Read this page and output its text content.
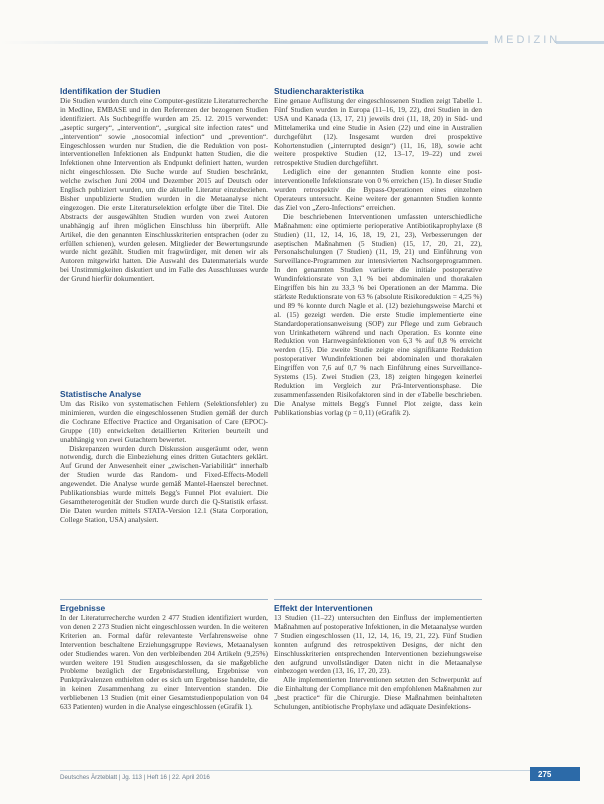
MEDIZIN
Identifikation der Studien

Die Studien wurden durch eine Computer-gestützte Literaturrecherche in Medline, EMBASE und in den Referenzen der bezogenen Studien identifiziert. Als Suchbegriffe wurden am 25. 12. 2015 verwendet: „aseptic surgery“, „intervention“, „surgical site infection rates“ und „intervention“ sowie „nosocomial infection“ und „prevention“. Eingeschlossen wurden nur Studien, die die Reduktion von post-interventionellen Infektionen als Endpunkt hatten Studien, die die Infektionen ohne Intervention als Endpunkt definiert hatten, wurden nicht eingeschlossen. Die Suche wurde auf Studien beschränkt, welche zwischen Juni 2004 und Dezember 2015 auf Deutsch oder Englisch publiziert wurden, um die aktuelle Literatur einzubeziehen. Bisher unpublizierte Studien wurden in die Metaanalyse nicht eingezogen. Die erste Literaturselektion erfolgte über die Titel. Die Abstracts der ausgewählten Studien wurden von zwei Autoren unabhängig auf ihren möglichen Einschluss hin überprüft. Alle Artikel, die den genannten Einschlusskriterien entsprachen (oder zu erfüllen schienen), wurden gelesen. Mitglieder der Bewertungsrunde wurde nicht gezählt. Studien mit fragwürdiger, mit denen wir als Autoren mitgewirkt hatten. Die Auswahl des Datenmaterials wurde bei Unstimmigkeiten diskutiert und im Falle des Ausschlusses wurde der Grund hierfür dokumentiert.

Statistische Analyse

Um das Risiko von systematischen Fehlern (Selektionsfehler) zu minimieren, wurden die eingeschlossenen Studien gemäß der durch die Cochrane Effective Practice and Organisation of Care (EPOC)-Gruppe (10) entwickelten detaillierten Kriterien beurteilt und unabhängig von zwei Gutachtern bewertet.

Diskrepanzen wurden durch Diskussion ausgeräumt oder, wenn notwendig, durch die Einbeziehung eines dritten Gutachters geklärt. Auf Grund der Anwesenheit einer „zwischen-Variabilität“ innerhalb der Studien wurde das Random- und Fixed-Effects-Modell angewendet. Die Analyse wurde gemäß Mantel-Haenszel berechnet. Publikationsbias wurde mittels Begg's Funnel Plot evaluiert. Die Gesamtheterogenität der Studien wurde durch die Q-Statistik erfasst. Die Daten wurden mittels STATA-Version 12.1 (Stata Corporation, College Station, USA) analysiert.

Ergebnisse

In der Literaturrecherche wurden 2 477 Studien identifiziert wurden, von denen 2 273 Studien nicht eingeschlossen wurden. In die weiteren Kriterien an. Formal dafür relevanteste Verfahrensweise ohne Intervention beschaltene Erziehungsgruppe Reviews, Metaanalysen oder Studiendes waren. Von den verbleibenden 204 Artikeln (9,25%) wurden weitere 191 Studien ausgeschlossen, da sie maßgebliche Probleme bezüglich der Ergebnisdarstellung, Ergebnisse von Punktprävalenzen enthielten oder es sich um Ergebnisse handelte, die in keinen Zusammenhang zu einer Intervention standen. Die verbliebenen 13 Studien (mit einer Gesamtstudienpopulation von 04 633 Patienten) wurden in die Analyse eingeschlossen (eGrafik 1).

Studiencharakteristika

Eine genaue Auflistung der eingeschlossenen Studien zeigt Tabelle 1. Fünf Studien wurden in Europa (11–16, 19, 22), drei Studien in den USA und Kanada (13, 17, 21) jeweils drei (11, 18, 20) in Süd- und Mittelamerika und eine Studie in Asien (22) und eine in Australien durchgeführt (12). Insgesamt wurden drei prospektive Kohortenstudien („interrupted design“) (11, 16, 18), sowie acht weitere prospektive Studien (12, 13–17, 19–22) und zwei retrospektive Studien durchgeführt.

Lediglich eine der genannten Studien konnte eine post-interventionelle Infektionsrate von 0 % erreichen (15). In dieser Studie wurden retrospektiv die Bypass-Operationen eines einzelnen Operateurs untersucht. Keine weitere der genannten Studien konnte das Ziel von „Zero-Infections“ erreichen.

Die beschriebenen Interventionen umfassten unterschiedliche Maßnahmen: eine optimierte perioperative Antibiotikaprophylaxe (8 Studien) (11, 12, 14, 16, 18, 19, 21, 23), Verbesserungen der aseptischen Maßnahmen (5 Studien) (15, 17, 20, 21, 22), Personalschulungen (7 Studien) (11, 19, 21) und Einführung von Surveillance-Programmen zur intensivierten Nachsorgeprogrammen. In den genannten Studien variierte die initiale postoperative Wundinfektionsrate von 3,1 % bei abdominalen und thorakalen Eingriffen bis hin zu 33,3 % bei Operationen an der Mamma. Die stärkste Reduktionsrate von 63 % (absolute Risikoreduktion = 4,25 %) und 89 % konnte durch Nagle et al. (12) beziehungsweise Marchi et al. (15) gezeigt werden. Die erste Studie implementierte eine Standardoperationsanweisung (SOP) zur Pflege und zum Gebrauch von Urinkathetern während und nach Operation. Es konnte eine Reduktion von Harnwegsinfektionen von 6,3 % auf 0,8 % erreicht werden (15). Die zweite Studie zeigte eine signifikante Reduktion postoperativer Wundinfektionen bei abdominalen und thorakalen Eingriffen von 7,6 auf 0,7 % nach Einführung eines Surveillance-Systems (15). Zwei Studien (23, 18) zeigten hingegen keinerlei Reduktion im Vergleich zur Prä-Interventionsphase. Die zusammenfassenden Risikofaktoren sind in der eTabelle beschrieben. Die Analyse mittels Begg's Funnel Plot zeigte, dass kein Publikationsbias vorlag (p = 0,11) (eGrafik 2).

Effekt der Interventionen

13 Studien (11–22) untersuchten den Einfluss der implementierten Maßnahmen auf postoperative Infektionen, in die Metaanalyse wurden 7 Studien eingeschlossen (11, 12, 14, 16, 19, 21, 22). Fünf Studien konnten aufgrund des retrospektiven Designs, der nicht den Einschlusskriterien entsprechenden Interventionen beziehungsweise den aufgrund unvollständiger Daten nicht in die Metaanalyse einbezogen werden (13, 16, 17, 20, 23).

Alle implementierten Interventionen setzten den Schwerpunkt auf die Einhaltung der Compliance mit den empfohlenen Maßnahmen zur „best practice“ für die Chirurgie. Diese Maßnahmen beinhalteten Schulungen, antibiotische Prophylaxe und adäquate Desinfektions-

Deutsches Ärzteblatt | Jg. 113 | Heft 16 | 22. April 2016	275
